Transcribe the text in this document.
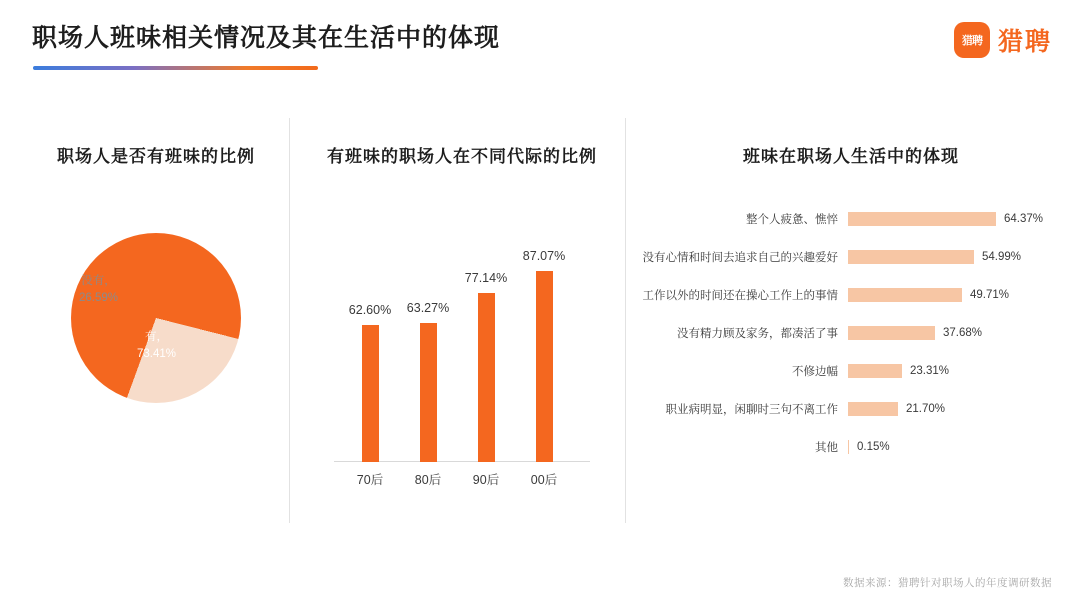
职场人班味相关情况及其在生活中的体现	猎聘 猎聘
职场人是否有班味的比例
有，
73.41%
没有，
26.59%
有班味的职场人在不同代际的比例
62.60%
70后
63.27%
80后
77.14%
90后
87.07%
00后
班味在职场人生活中的体现
整个人疲惫、憔悴	64.37%
没有心情和时间去追求自己的兴趣爱好	54.99%
工作以外的时间还在操心工作上的事情	49.71%
没有精力顾及家务，都凑活了事	37.68%
不修边幅	23.31%
职业病明显，闲聊时三句不离工作	21.70%
其他	0.15%
数据来源：猎聘针对职场人的年度调研数据
